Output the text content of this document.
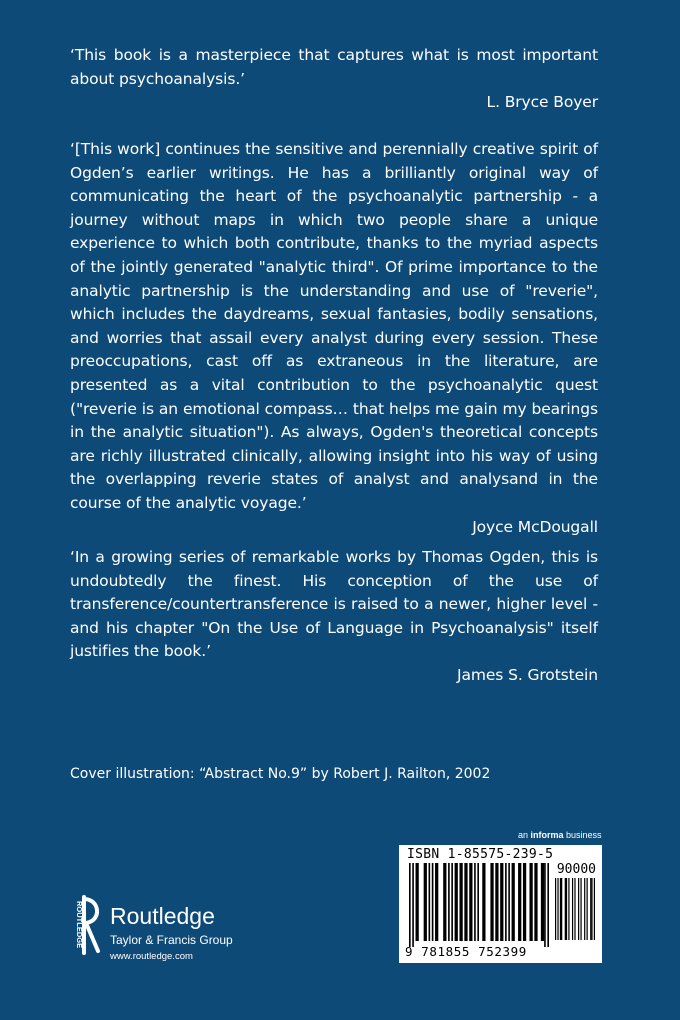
‘This book is a masterpiece that captures what is most important about psychoanalysis.’

L. Bryce Boyer

‘[This work] continues the sensitive and perennially creative spirit of Ogden’s earlier writings. He has a brilliantly original way of communicating the heart of the psychoanalytic partnership - a journey without maps in which two people share a unique experience to which both contribute, thanks to the myriad aspects of the jointly generated "analytic third". Of prime importance to the analytic partnership is the understanding and use of "reverie", which includes the daydreams, sexual fantasies, bodily sensations, and worries that assail every analyst during every session. These preoccupations, cast off as extraneous in the literature, are presented as a vital contribution to the psychoanalytic quest ("reverie is an emotional compass… that helps me gain my bearings in the analytic situation"). As always, Ogden's theoretical concepts are richly illustrated clinically, allowing insight into his way of using the overlapping reverie states of analyst and analysand in the course of the analytic voyage.’

Joyce McDougall

‘In a growing series of remarkable works by Thomas Ogden, this is undoubtedly the finest. His conception of the use of transference/countertransference is raised to a newer, higher level - and his chapter "On the Use of Language in Psychoanalysis" itself justifies the book.’

James S. Grotstein

Cover illustration: “Abstract No.9” by Robert J. Railton, 2002
an informa business
ISBN 1-85575-239-5
90000
9 781855 752399
ROUTLEDGE Routledge
Taylor & Francis Group
www.routledge.com
